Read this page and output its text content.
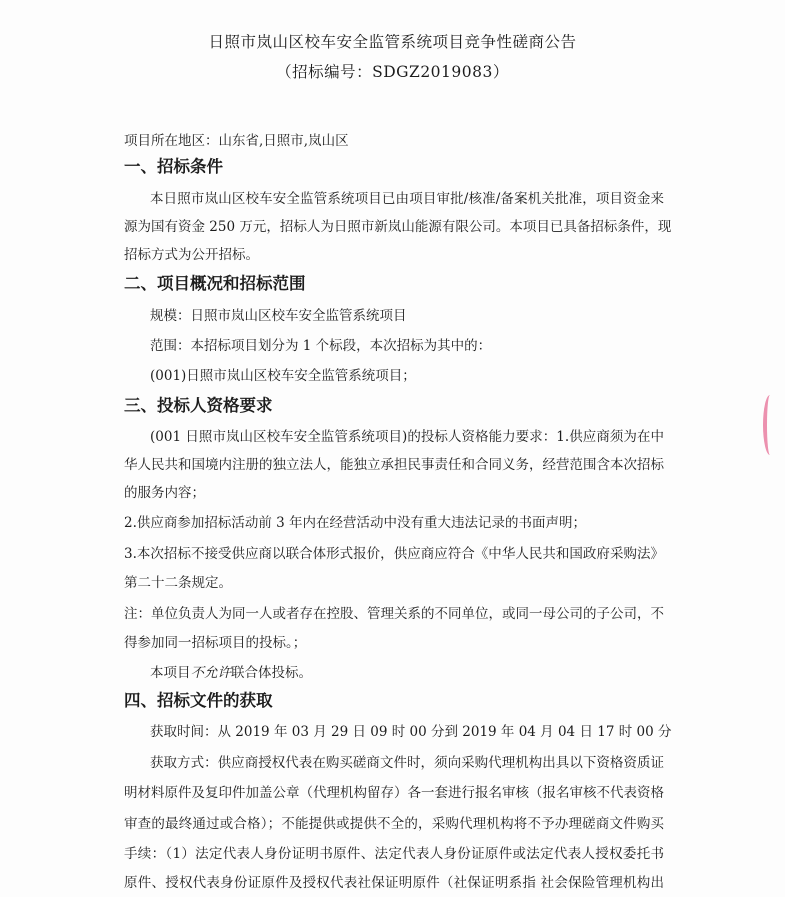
日照市岚山区校车安全监管系统项目竞争性磋商公告
（招标编号：SDGZ2019083）
项目所在地区：山东省,日照市,岚山区
一、招标条件
本日照市岚山区校车安全监管系统项目已由项目审批/核准/备案机关批准，项目资金来
源为国有资金 250 万元，招标人为日照市新岚山能源有限公司。本项目已具备招标条件，现
招标方式为公开招标。
二、项目概况和招标范围
规模：日照市岚山区校车安全监管系统项目
范围：本招标项目划分为 1 个标段，本次招标为其中的：
(001)日照市岚山区校车安全监管系统项目；
三、投标人资格要求
(001 日照市岚山区校车安全监管系统项目)的投标人资格能力要求：1.供应商须为在中
华人民共和国境内注册的独立法人，能独立承担民事责任和合同义务，经营范围含本次招标
的服务内容；
2.供应商参加招标活动前 3 年内在经营活动中没有重大违法记录的书面声明；
3.本次招标不接受供应商以联合体形式报价，供应商应符合《中华人民共和国政府采购法》
第二十二条规定。
注：单位负责人为同一人或者存在控股、管理关系的不同单位，或同一母公司的子公司，不
得参加同一招标项目的投标。；
本项目不允许联合体投标。
四、招标文件的获取
获取时间：从 2019 年 03 月 29 日 09 时 00 分到 2019 年 04 月 04 日 17 时 00 分
获取方式：供应商授权代表在购买磋商文件时，须向采购代理机构出具以下资格资质证
明材料原件及复印件加盖公章（代理机构留存）各一套进行报名审核（报名审核不代表资格
审查的最终通过或合格）；不能提供或提供不全的，采购代理机构将不予办理磋商文件购买
手续：（1）法定代表人身份证明书原件、法定代表人身份证原件或法定代表人授权委托书
原件、授权代表身份证原件及授权代表社保证明原件（社保证明系指 社会保险管理机构出
